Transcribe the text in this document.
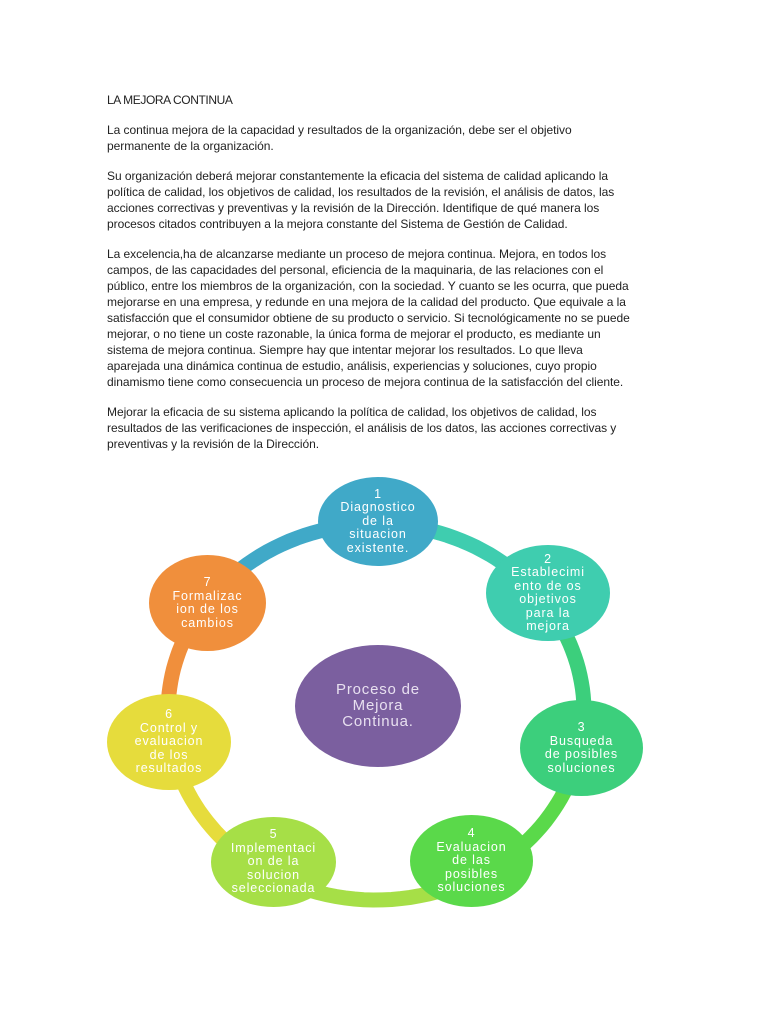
LA MEJORA CONTINUA

La continua mejora de la capacidad y resultados de la organización, debe ser el objetivo
permanente de la organización.

Su organización deberá mejorar constantemente la eficacia del sistema de calidad aplicando la
política de calidad, los objetivos de calidad, los resultados de la revisión, el análisis de datos, las
acciones correctivas y preventivas y la revisión de la Dirección. Identifique de qué manera los
procesos citados contribuyen a la mejora constante del Sistema de Gestión de Calidad.

La excelencia,ha de alcanzarse mediante un proceso de mejora continua. Mejora, en todos los
campos, de las capacidades del personal, eficiencia de la maquinaria, de las relaciones con el
público, entre los miembros de la organización, con la sociedad. Y cuanto se les ocurra, que pueda
mejorarse en una empresa, y redunde en una mejora de la calidad del producto. Que equivale a la
satisfacción que el consumidor obtiene de su producto o servicio. Si tecnológicamente no se puede
mejorar, o no tiene un coste razonable, la única forma de mejorar el producto, es mediante un
sistema de mejora continua. Siempre hay que intentar mejorar los resultados. Lo que lleva
aparejada una dinámica continua de estudio, análisis, experiencias y soluciones, cuyo propio
dinamismo tiene como consecuencia un proceso de mejora continua de la satisfacción del cliente.

Mejorar la eficacia de su sistema aplicando la política de calidad, los objetivos de calidad, los
resultados de las verificaciones de inspección, el análisis de los datos, las acciones correctivas y
preventivas y la revisión de la Dirección.

Proceso de
Mejora
Continua.
1
Diagnostico
de la
situacion
existente.
2
Establecimi
ento de os
objetivos
para la
mejora
3
Busqueda
de posibles
soluciones
4
Evaluacion
de las
posibles
soluciones
5
Implementaci
on de la
solucion
seleccionada
6
Control y
evaluacion
de los
resultados
7
Formalizac
ion de los
cambios
